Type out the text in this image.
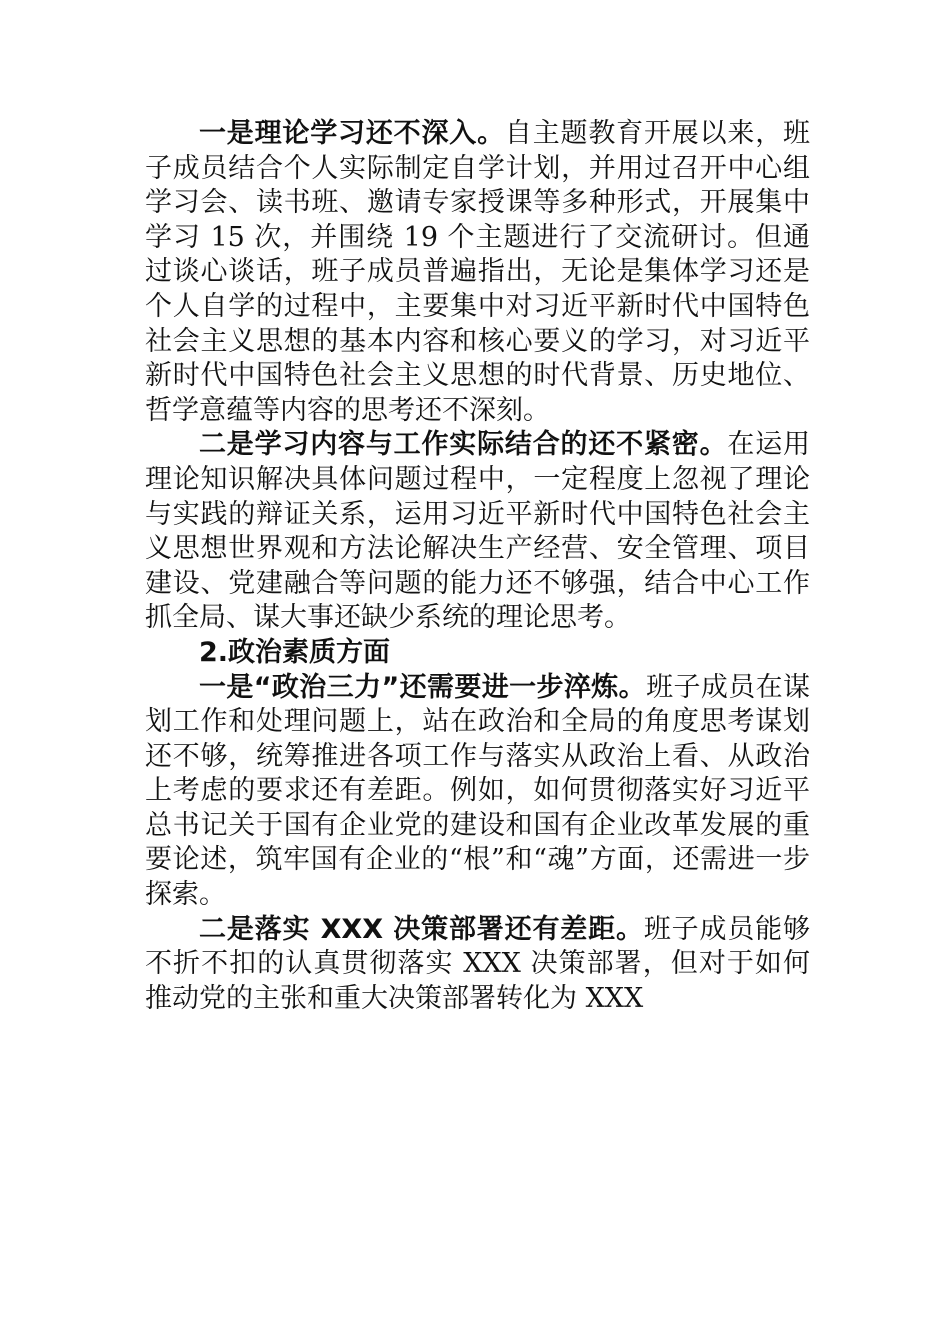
一是理论学习还不深入。自主题教育开展以来，班子成员结合个人实际制定自学计划，并用过召开中心组学习会、读书班、邀请专家授课等多种形式，开展集中学习 15 次，并围绕 19 个主题进行了交流研讨。但通过谈心谈话，班子成员普遍指出，无论是集体学习还是个人自学的过程中，主要集中对习近平新时代中国特色社会主义思想的基本内容和核心要义的学习，对习近平新时代中国特色社会主义思想的时代背景、历史地位、哲学意蕴等内容的思考还不深刻。

二是学习内容与工作实际结合的还不紧密。在运用理论知识解决具体问题过程中，一定程度上忽视了理论与实践的辩证关系，运用习近平新时代中国特色社会主义思想世界观和方法论解决生产经营、安全管理、项目建设、党建融合等问题的能力还不够强，结合中心工作抓全局、谋大事还缺少系统的理论思考。

2.政治素质方面

一是“政治三力”还需要进一步淬炼。班子成员在谋划工作和处理问题上，站在政治和全局的角度思考谋划还不够，统筹推进各项工作与落实从政治上看、从政治上考虑的要求还有差距。例如，如何贯彻落实好习近平总书记关于国有企业党的建设和国有企业改革发展的重要论述，筑牢国有企业的“根”和“魂”方面，还需进一步探索。

二是落实 XXX 决策部署还有差距。班子成员能够不折不扣的认真贯彻落实 XXX 决策部署，但对于如何推动党的主张和重大决策部署转化为 XXX
